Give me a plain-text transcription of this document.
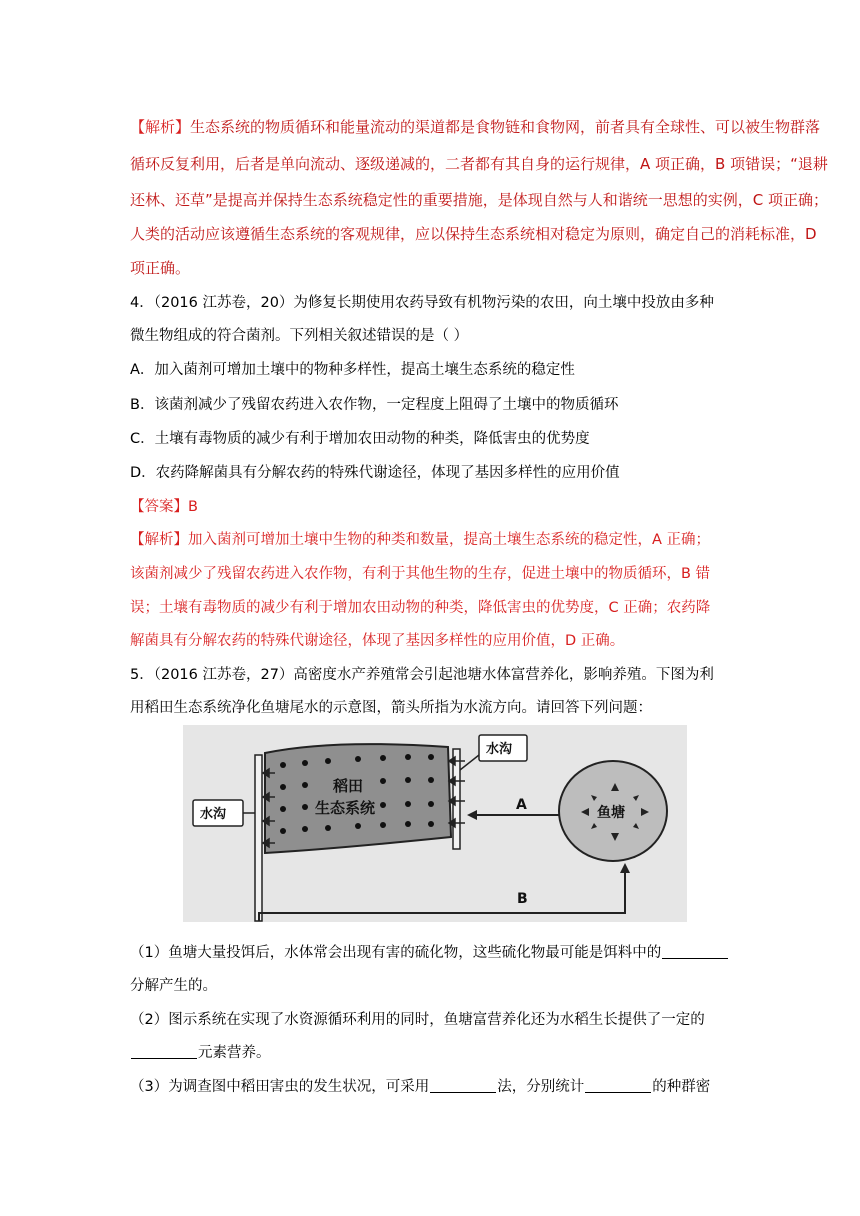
【解析】生态系统的物质循环和能量流动的渠道都是食物链和食物网，前者具有全球性、可以被生物群落
循环反复利用，后者是单向流动、逐级递减的，二者都有其自身的运行规律，A 项正确，B 项错误；“退耕
还林、还草”是提高并保持生态系统稳定性的重要措施，是体现自然与人和谐统一思想的实例，C 项正确；
人类的活动应该遵循生态系统的客观规律，应以保持生态系统相对稳定为原则，确定自己的消耗标准，D
项正确。
4．（2016 江苏卷，20）为修复长期使用农药导致有机物污染的农田，向土壤中投放由多种
微生物组成的符合菌剂。下列相关叙述错误的是（ ）
A．加入菌剂可增加土壤中的物种多样性，提高土壤生态系统的稳定性
B．该菌剂减少了残留农药进入农作物，一定程度上阻碍了土壤中的物质循环
C．土壤有毒物质的减少有利于增加农田动物的种类，降低害虫的优势度
D．农药降解菌具有分解农药的特殊代谢途径，体现了基因多样性的应用价值
【答案】B
【解析】加入菌剂可增加土壤中生物的种类和数量，提高土壤生态系统的稳定性，A 正确；
该菌剂减少了残留农药进入农作物，有利于其他生物的生存，促进土壤中的物质循环，B 错
误；土壤有毒物质的减少有利于增加农田动物的种类，降低害虫的优势度，C 正确；农药降
解菌具有分解农药的特殊代谢途径，体现了基因多样性的应用价值，D 正确。
5．（2016 江苏卷，27）高密度水产养殖常会引起池塘水体富营养化，影响养殖。下图为利
用稻田生态系统净化鱼塘尾水的示意图，箭头所指为水流方向。请回答下列问题：
稻田
生态系统
水沟
水沟
鱼塘
A
B
（1）鱼塘大量投饵后，水体常会出现有害的硫化物，这些硫化物最可能是饵料中的
分解产生的。
（2）图示系统在实现了水资源循环利用的同时，鱼塘富营养化还为水稻生长提供了一定的
元素营养。
（3）为调查图中稻田害虫的发生状况，可采用	法，分别统计	的种群密
